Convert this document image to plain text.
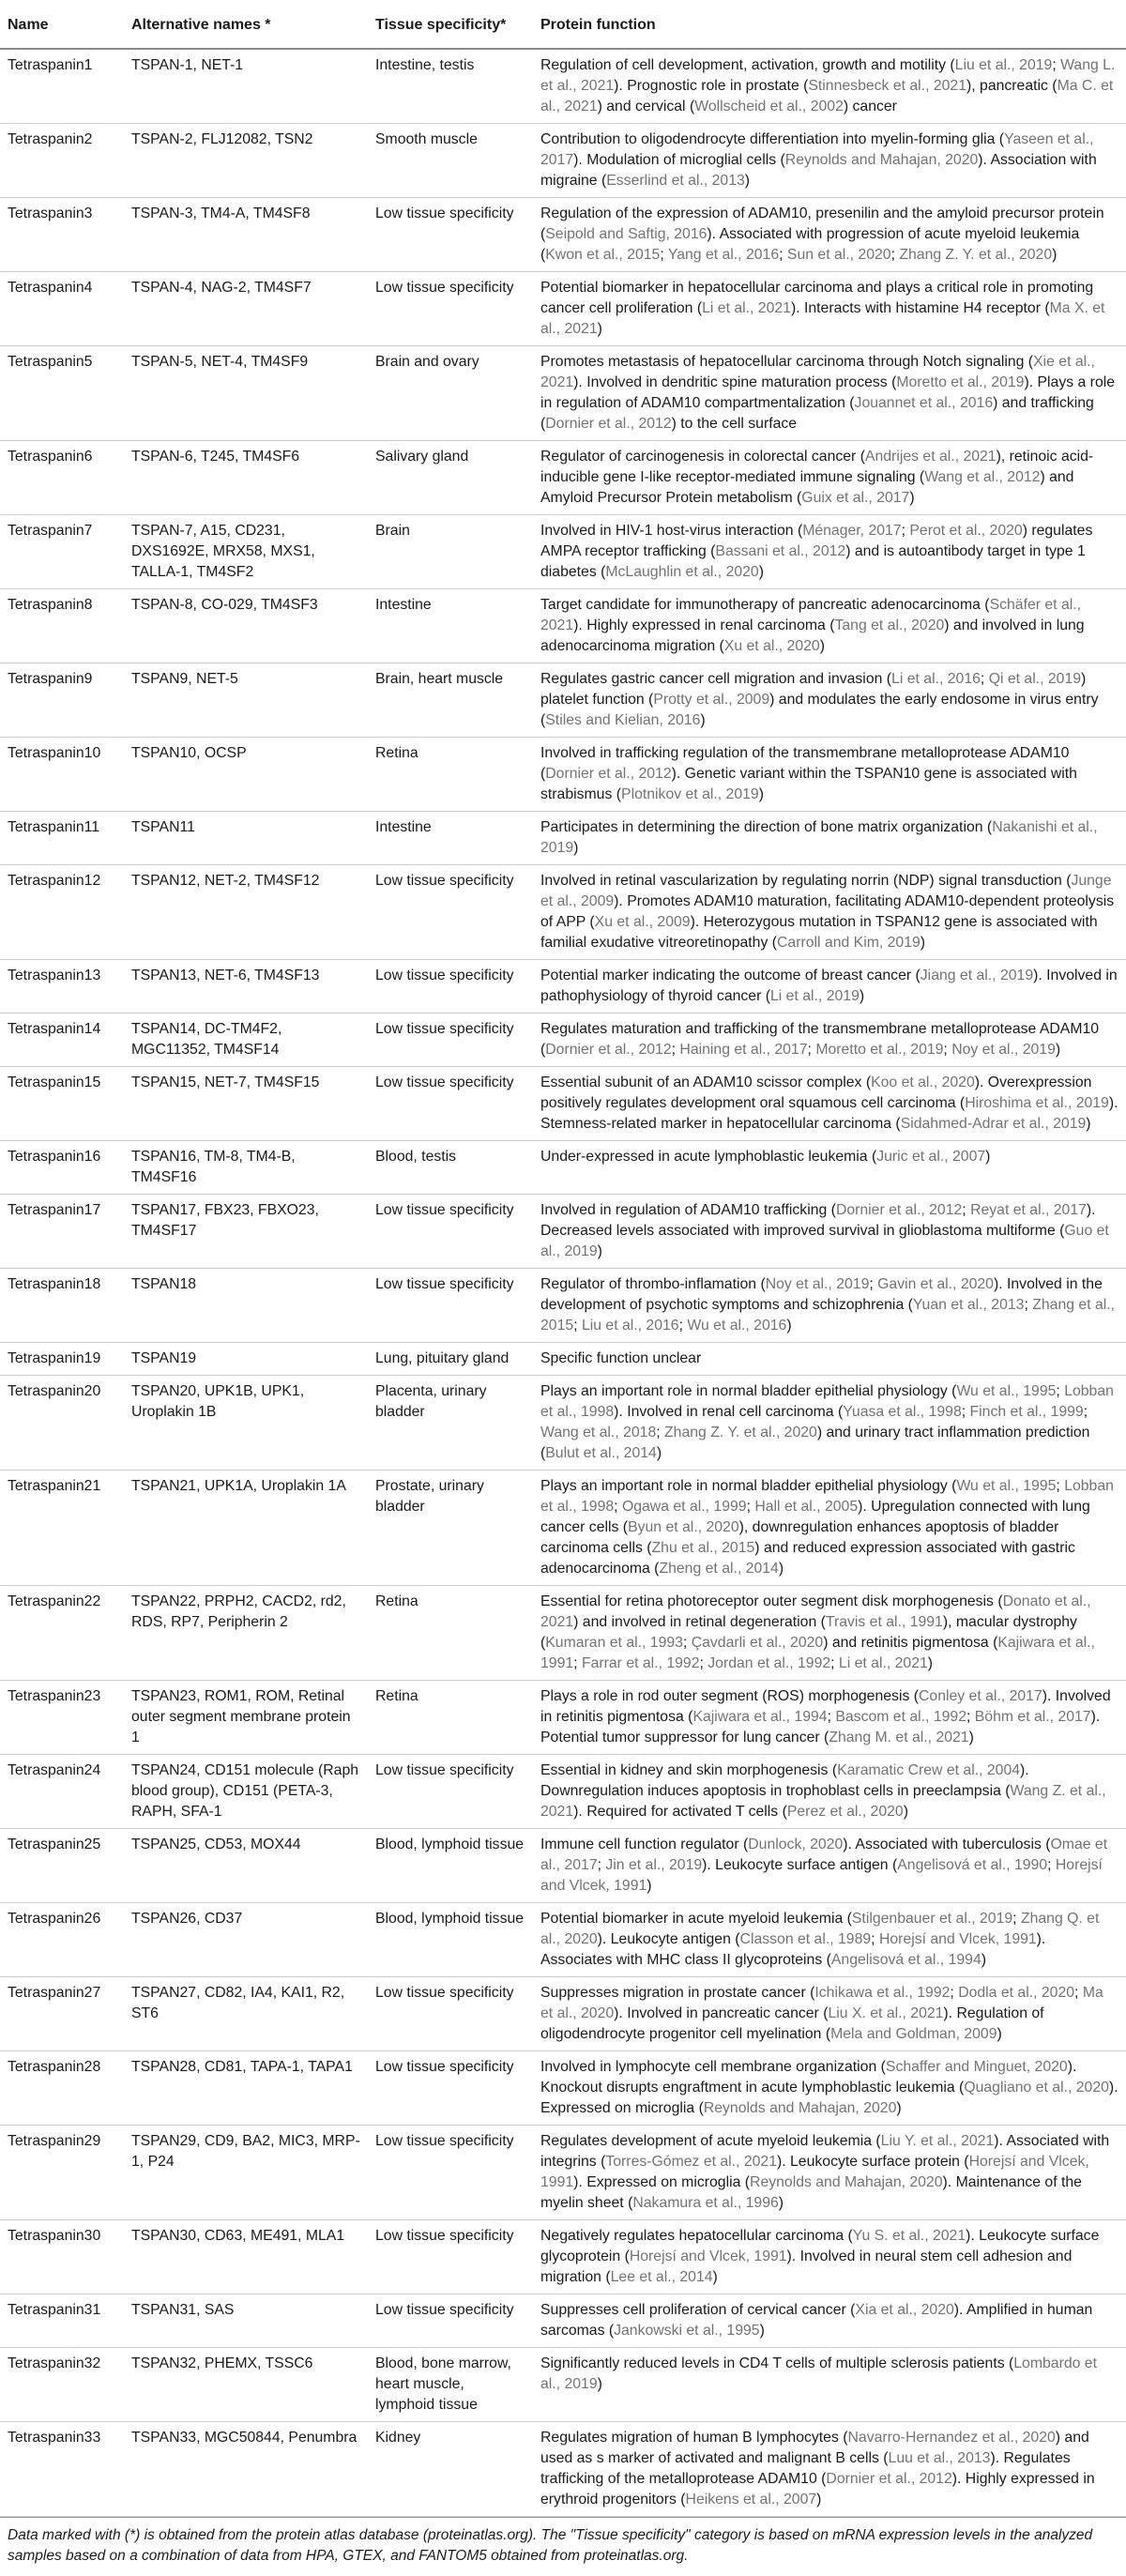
Name	Alternative names *	Tissue specificity*	Protein function
Tetraspanin1	TSPAN-1, NET-1	Intestine, testis	Regulation of cell development, activation, growth and motility (Liu et al., 2019; Wang L. et al., 2021). Prognostic role in prostate (Stinnesbeck et al., 2021), pancreatic (Ma C. et al., 2021) and cervical (Wollscheid et al., 2002) cancer
Tetraspanin2	TSPAN-2, FLJ12082, TSN2	Smooth muscle	Contribution to oligodendrocyte differentiation into myelin-forming glia (Yaseen et al., 2017). Modulation of microglial cells (Reynolds and Mahajan, 2020). Association with migraine (Esserlind et al., 2013)
Tetraspanin3	TSPAN-3, TM4-A, TM4SF8	Low tissue specificity	Regulation of the expression of ADAM10, presenilin and the amyloid precursor protein (Seipold and Saftig, 2016). Associated with progression of acute myeloid leukemia (Kwon et al., 2015; Yang et al., 2016; Sun et al., 2020; Zhang Z. Y. et al., 2020)
Tetraspanin4	TSPAN-4, NAG-2, TM4SF7	Low tissue specificity	Potential biomarker in hepatocellular carcinoma and plays a critical role in promoting cancer cell proliferation (Li et al., 2021). Interacts with histamine H4 receptor (Ma X. et al., 2021)
Tetraspanin5	TSPAN-5, NET-4, TM4SF9	Brain and ovary	Promotes metastasis of hepatocellular carcinoma through Notch signaling (Xie et al., 2021). Involved in dendritic spine maturation process (Moretto et al., 2019). Plays a role in regulation of ADAM10 compartmentalization (Jouannet et al., 2016) and trafficking (Dornier et al., 2012) to the cell surface
Tetraspanin6	TSPAN-6, T245, TM4SF6	Salivary gland	Regulator of carcinogenesis in colorectal cancer (Andrijes et al., 2021), retinoic acid-inducible gene I-like receptor-mediated immune signaling (Wang et al., 2012) and Amyloid Precursor Protein metabolism (Guix et al., 2017)
Tetraspanin7	TSPAN-7, A15, CD231, DXS1692E, MRX58, MXS1, TALLA-1, TM4SF2	Brain	Involved in HIV-1 host-virus interaction (Ménager, 2017; Perot et al., 2020) regulates AMPA receptor trafficking (Bassani et al., 2012) and is autoantibody target in type 1 diabetes (McLaughlin et al., 2020)
Tetraspanin8	TSPAN-8, CO-029, TM4SF3	Intestine	Target candidate for immunotherapy of pancreatic adenocarcinoma (Schäfer et al., 2021). Highly expressed in renal carcinoma (Tang et al., 2020) and involved in lung adenocarcinoma migration (Xu et al., 2020)
Tetraspanin9	TSPAN9, NET-5	Brain, heart muscle	Regulates gastric cancer cell migration and invasion (Li et al., 2016; Qi et al., 2019) platelet function (Protty et al., 2009) and modulates the early endosome in virus entry (Stiles and Kielian, 2016)
Tetraspanin10	TSPAN10, OCSP	Retina	Involved in trafficking regulation of the transmembrane metalloprotease ADAM10 (Dornier et al., 2012). Genetic variant within the TSPAN10 gene is associated with strabismus (Plotnikov et al., 2019)
Tetraspanin11	TSPAN11	Intestine	Participates in determining the direction of bone matrix organization (Nakanishi et al., 2019)
Tetraspanin12	TSPAN12, NET-2, TM4SF12	Low tissue specificity	Involved in retinal vascularization by regulating norrin (NDP) signal transduction (Junge et al., 2009). Promotes ADAM10 maturation, facilitating ADAM10-dependent proteolysis of APP (Xu et al., 2009). Heterozygous mutation in TSPAN12 gene is associated with familial exudative vitreoretinopathy (Carroll and Kim, 2019)
Tetraspanin13	TSPAN13, NET-6, TM4SF13	Low tissue specificity	Potential marker indicating the outcome of breast cancer (Jiang et al., 2019). Involved in pathophysiology of thyroid cancer (Li et al., 2019)
Tetraspanin14	TSPAN14, DC-TM4F2, MGC11352, TM4SF14	Low tissue specificity	Regulates maturation and trafficking of the transmembrane metalloprotease ADAM10 (Dornier et al., 2012; Haining et al., 2017; Moretto et al., 2019; Noy et al., 2019)
Tetraspanin15	TSPAN15, NET-7, TM4SF15	Low tissue specificity	Essential subunit of an ADAM10 scissor complex (Koo et al., 2020). Overexpression positively regulates development oral squamous cell carcinoma (Hiroshima et al., 2019). Stemness-related marker in hepatocellular carcinoma (Sidahmed-Adrar et al., 2019)
Tetraspanin16	TSPAN16, TM-8, TM4-B, TM4SF16	Blood, testis	Under-expressed in acute lymphoblastic leukemia (Juric et al., 2007)
Tetraspanin17	TSPAN17, FBX23, FBXO23, TM4SF17	Low tissue specificity	Involved in regulation of ADAM10 trafficking (Dornier et al., 2012; Reyat et al., 2017). Decreased levels associated with improved survival in glioblastoma multiforme (Guo et al., 2019)
Tetraspanin18	TSPAN18	Low tissue specificity	Regulator of thrombo-inflamation (Noy et al., 2019; Gavin et al., 2020). Involved in the development of psychotic symptoms and schizophrenia (Yuan et al., 2013; Zhang et al., 2015; Liu et al., 2016; Wu et al., 2016)
Tetraspanin19	TSPAN19	Lung, pituitary gland	Specific function unclear
Tetraspanin20	TSPAN20, UPK1B, UPK1, Uroplakin 1B	Placenta, urinary bladder	Plays an important role in normal bladder epithelial physiology (Wu et al., 1995; Lobban et al., 1998). Involved in renal cell carcinoma (Yuasa et al., 1998; Finch et al., 1999; Wang et al., 2018; Zhang Z. Y. et al., 2020) and urinary tract inflammation prediction (Bulut et al., 2014)
Tetraspanin21	TSPAN21, UPK1A, Uroplakin 1A	Prostate, urinary bladder	Plays an important role in normal bladder epithelial physiology (Wu et al., 1995; Lobban et al., 1998; Ogawa et al., 1999; Hall et al., 2005). Upregulation connected with lung cancer cells (Byun et al., 2020), downregulation enhances apoptosis of bladder carcinoma cells (Zhu et al., 2015) and reduced expression associated with gastric adenocarcinoma (Zheng et al., 2014)
Tetraspanin22	TSPAN22, PRPH2, CACD2, rd2, RDS, RP7, Peripherin 2	Retina	Essential for retina photoreceptor outer segment disk morphogenesis (Donato et al., 2021) and involved in retinal degeneration (Travis et al., 1991), macular dystrophy (Kumaran et al., 1993; Çavdarli et al., 2020) and retinitis pigmentosa (Kajiwara et al., 1991; Farrar et al., 1992; Jordan et al., 1992; Li et al., 2021)
Tetraspanin23	TSPAN23, ROM1, ROM, Retinal outer segment membrane protein 1	Retina	Plays a role in rod outer segment (ROS) morphogenesis (Conley et al., 2017). Involved in retinitis pigmentosa (Kajiwara et al., 1994; Bascom et al., 1992; Böhm et al., 2017). Potential tumor suppressor for lung cancer (Zhang M. et al., 2021)
Tetraspanin24	TSPAN24, CD151 molecule (Raph blood group), CD151 (PETA-3, RAPH, SFA-1	Low tissue specificity	Essential in kidney and skin morphogenesis (Karamatic Crew et al., 2004). Downregulation induces apoptosis in trophoblast cells in preeclampsia (Wang Z. et al., 2021). Required for activated T cells (Perez et al., 2020)
Tetraspanin25	TSPAN25, CD53, MOX44	Blood, lymphoid tissue	Immune cell function regulator (Dunlock, 2020). Associated with tuberculosis (Omae et al., 2017; Jin et al., 2019). Leukocyte surface antigen (Angelisová et al., 1990; Horejsí and Vlcek, 1991)
Tetraspanin26	TSPAN26, CD37	Blood, lymphoid tissue	Potential biomarker in acute myeloid leukemia (Stilgenbauer et al., 2019; Zhang Q. et al., 2020). Leukocyte antigen (Classon et al., 1989; Horejsí and Vlcek, 1991). Associates with MHC class II glycoproteins (Angelisová et al., 1994)
Tetraspanin27	TSPAN27, CD82, IA4, KAI1, R2, ST6	Low tissue specificity	Suppresses migration in prostate cancer (Ichikawa et al., 1992; Dodla et al., 2020; Ma et al., 2020). Involved in pancreatic cancer (Liu X. et al., 2021). Regulation of oligodendrocyte progenitor cell myelination (Mela and Goldman, 2009)
Tetraspanin28	TSPAN28, CD81, TAPA-1, TAPA1	Low tissue specificity	Involved in lymphocyte cell membrane organization (Schaffer and Minguet, 2020). Knockout disrupts engraftment in acute lymphoblastic leukemia (Quagliano et al., 2020). Expressed on microglia (Reynolds and Mahajan, 2020)
Tetraspanin29	TSPAN29, CD9, BA2, MIC3, MRP-1, P24	Low tissue specificity	Regulates development of acute myeloid leukemia (Liu Y. et al., 2021). Associated with integrins (Torres-Gómez et al., 2021). Leukocyte surface protein (Horejsí and Vlcek, 1991). Expressed on microglia (Reynolds and Mahajan, 2020). Maintenance of the myelin sheet (Nakamura et al., 1996)
Tetraspanin30	TSPAN30, CD63, ME491, MLA1	Low tissue specificity	Negatively regulates hepatocellular carcinoma (Yu S. et al., 2021). Leukocyte surface glycoprotein (Horejsí and Vlcek, 1991). Involved in neural stem cell adhesion and migration (Lee et al., 2014)
Tetraspanin31	TSPAN31, SAS	Low tissue specificity	Suppresses cell proliferation of cervical cancer (Xia et al., 2020). Amplified in human sarcomas (Jankowski et al., 1995)
Tetraspanin32	TSPAN32, PHEMX, TSSC6	Blood, bone marrow, heart muscle, lymphoid tissue	Significantly reduced levels in CD4 T cells of multiple sclerosis patients (Lombardo et al., 2019)
Tetraspanin33	TSPAN33, MGC50844, Penumbra	Kidney	Regulates migration of human B lymphocytes (Navarro-Hernandez et al., 2020) and used as s marker of activated and malignant B cells (Luu et al., 2013). Regulates trafficking of the metalloprotease ADAM10 (Dornier et al., 2012). Highly expressed in erythroid progenitors (Heikens et al., 2007)
Data marked with (*) is obtained from the protein atlas database (proteinatlas.org). The "Tissue specificity" category is based on mRNA expression levels in the analyzed samples based on a combination of data from HPA, GTEX, and FANTOM5 obtained from proteinatlas.org.
